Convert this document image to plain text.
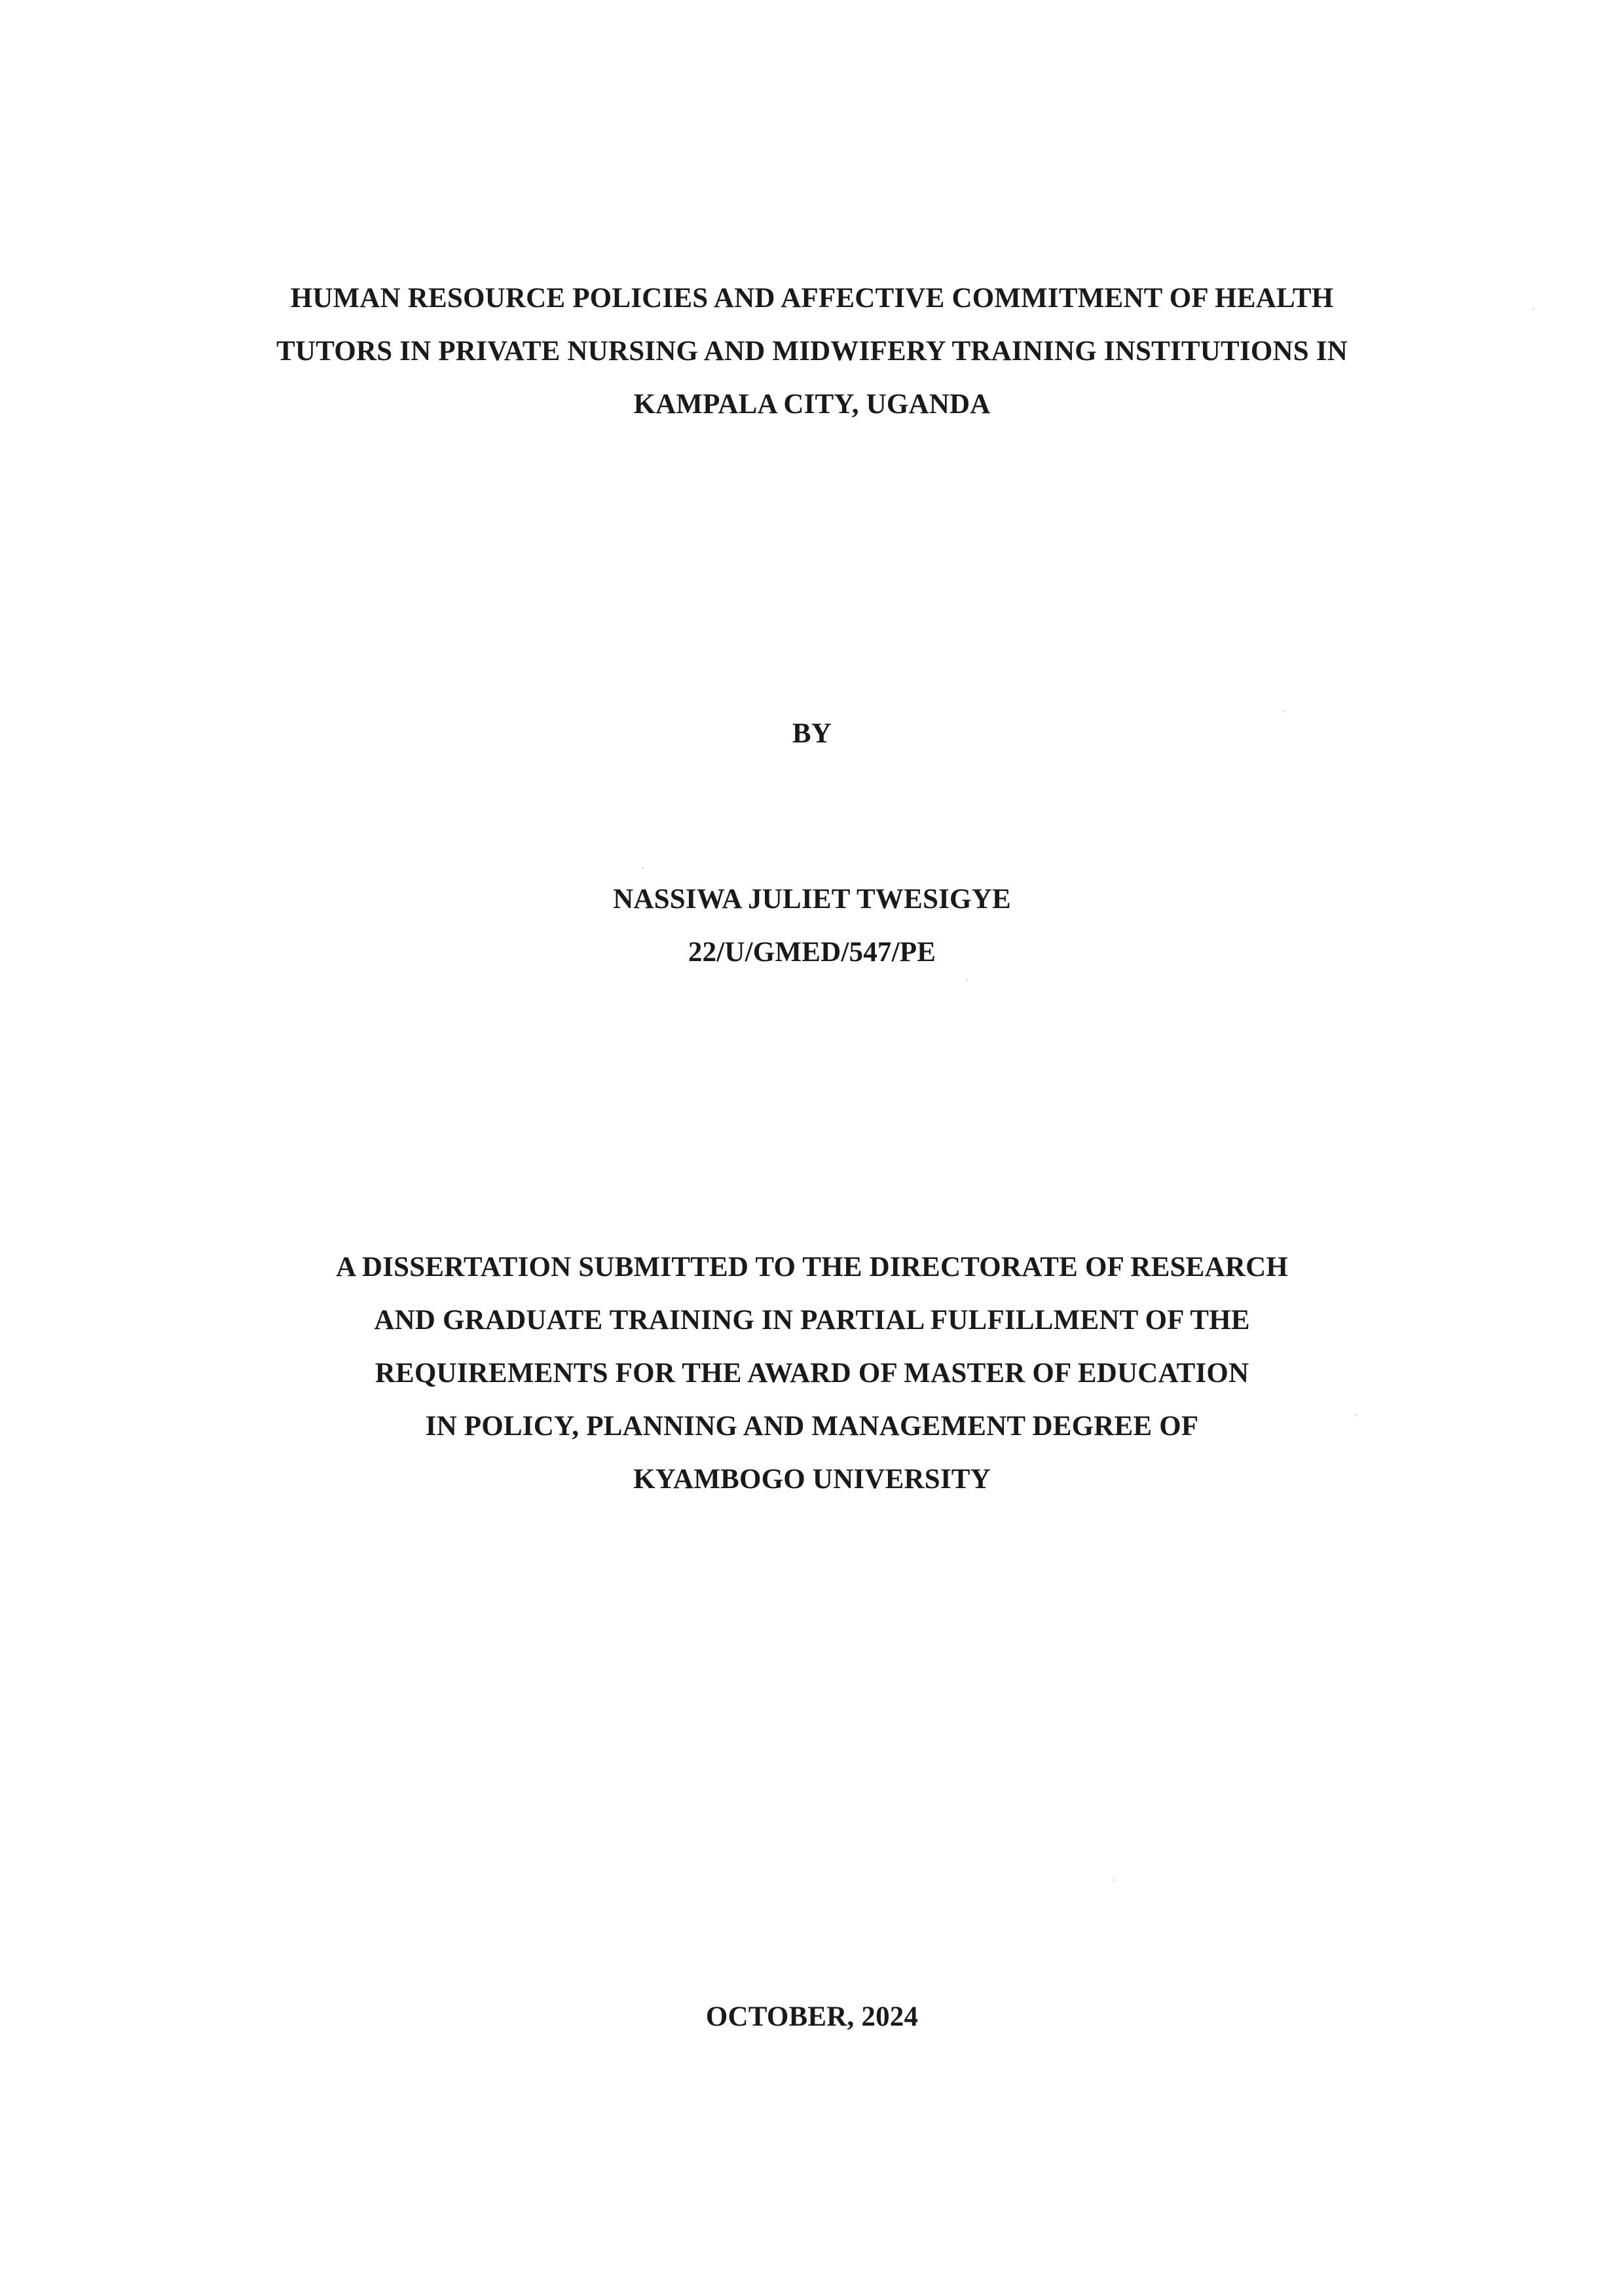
HUMAN RESOURCE POLICIES AND AFFECTIVE COMMITMENT OF HEALTH
TUTORS IN PRIVATE NURSING AND MIDWIFERY TRAINING INSTITUTIONS IN
KAMPALA CITY, UGANDA
BY
NASSIWA JULIET TWESIGYE
22/U/GMED/547/PE
A DISSERTATION SUBMITTED TO THE DIRECTORATE OF RESEARCH
AND GRADUATE TRAINING IN PARTIAL FULFILLMENT OF THE
REQUIREMENTS FOR THE AWARD OF MASTER OF EDUCATION
IN POLICY, PLANNING AND MANAGEMENT DEGREE OF
KYAMBOGO UNIVERSITY
OCTOBER, 2024
